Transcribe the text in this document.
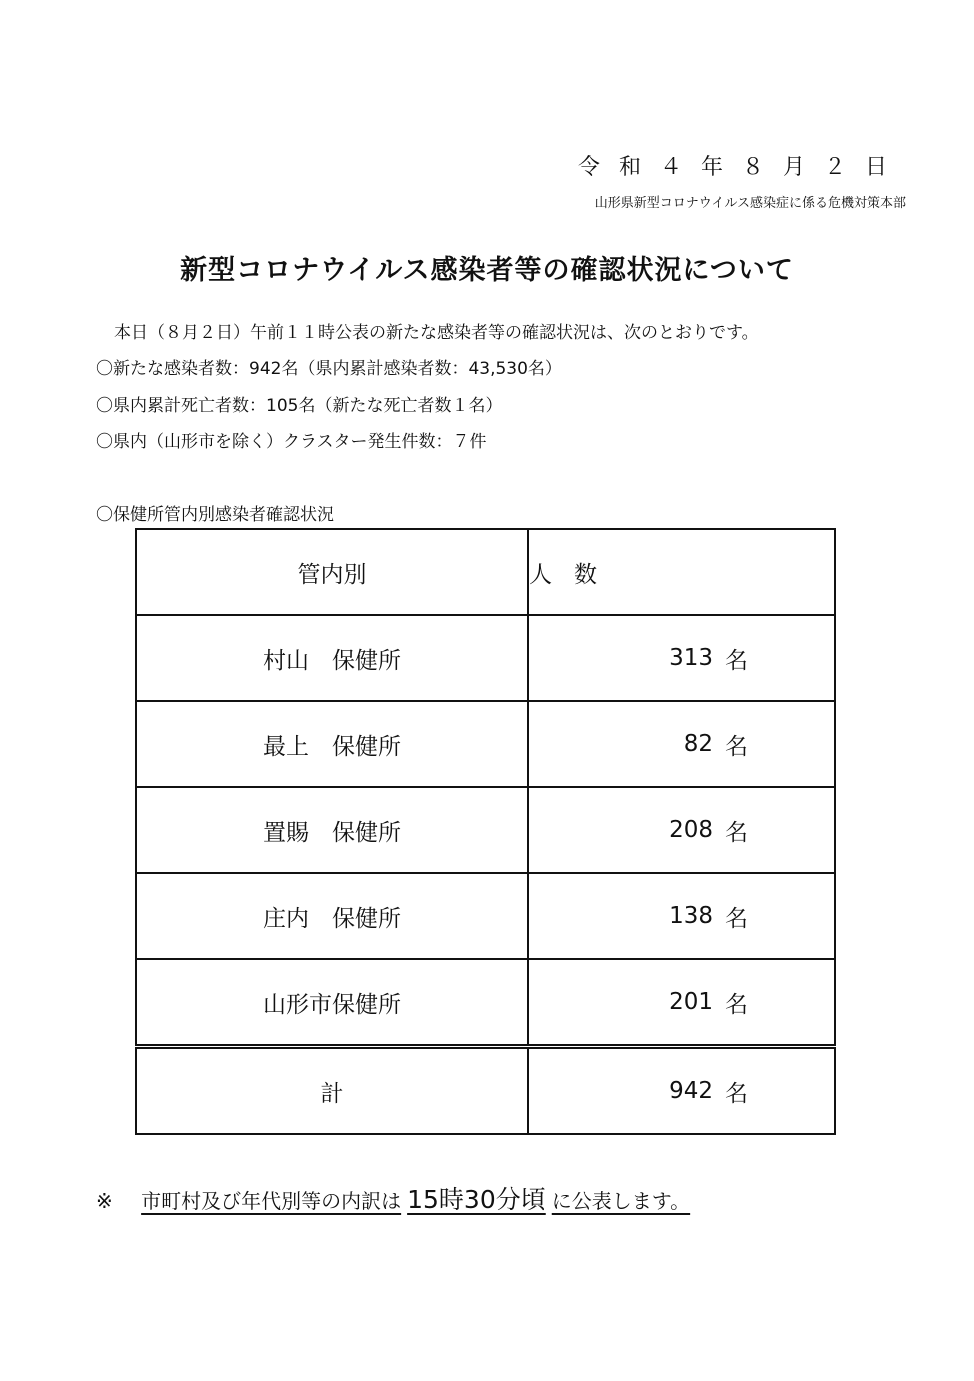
令和４年８月２日
山形県新型コロナウイルス感染症に係る危機対策本部
新型コロナウイルス感染者等の確認状況について
本日（８月２日）午前１１時公表の新たな感染者等の確認状況は、次のとおりです。
〇新たな感染者数：942名（県内累計感染者数：43,530名）
〇県内累計死亡者数：105名（新たな死亡者数１名）
〇県内（山形市を除く）クラスター発生件数：７件
〇保健所管内別感染者確認状況
管内別	人数
村山　保健所	313 名

最上　保健所	82 名

置賜　保健所	208 名

庄内　保健所	138 名

山形市保健所	201 名

計	942 名
※ 市町村及び年代別等の内訳は 15時30分頃 に公表します。
